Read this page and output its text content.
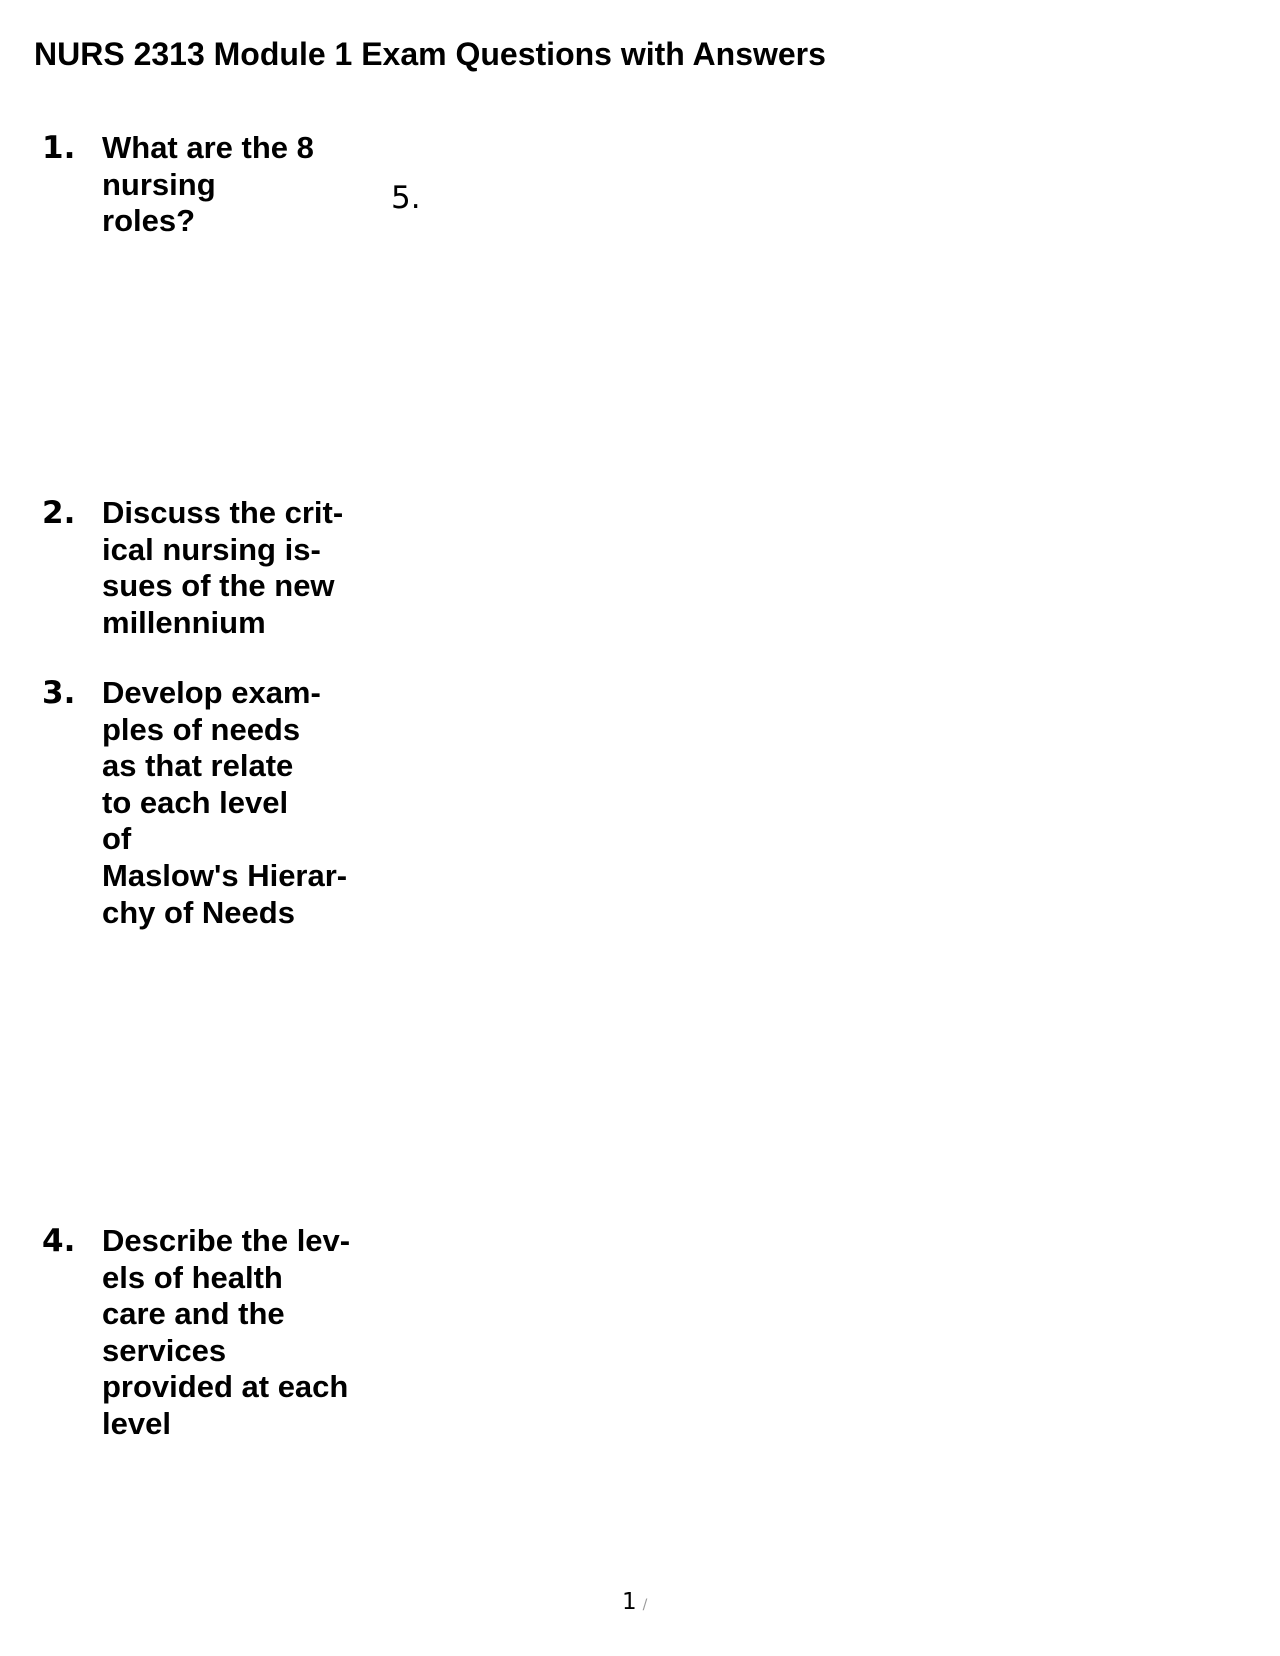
NURS 2313 Module 1 Exam Questions with Answers
1. What are the 8
nursing
roles?
5.
2. Discuss the crit-
ical nursing is-
sues of the new
millennium
3. Develop exam-
ples of needs
as that relate
to each level
of
Maslow's Hierar-
chy of Needs
4. Describe the lev-
els of health
care and the
services
provided at each
level
1 /
